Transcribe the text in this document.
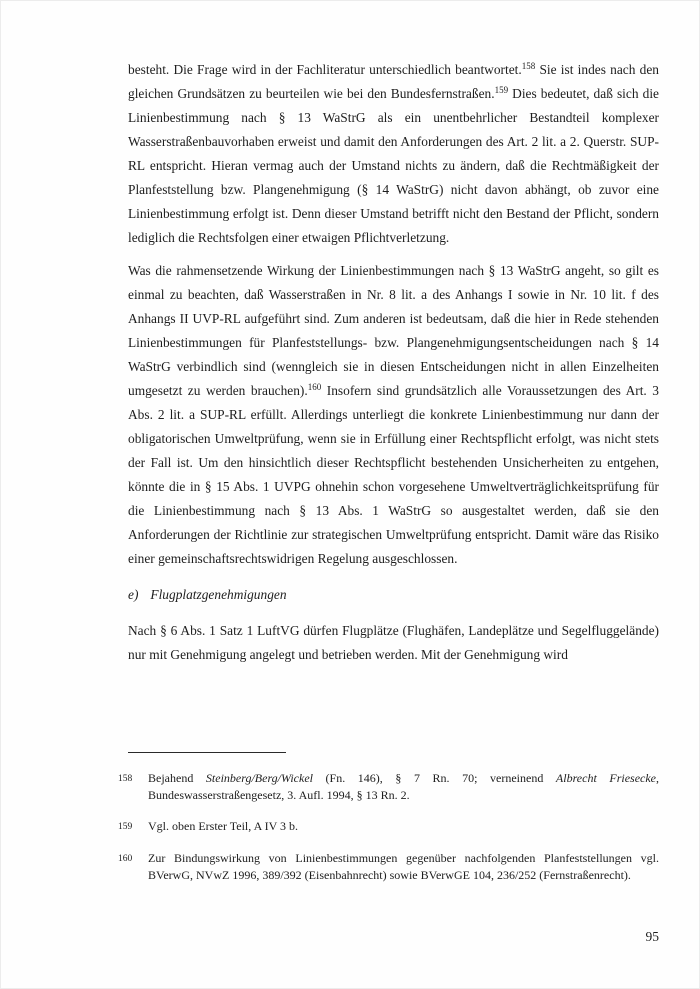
besteht. Die Frage wird in der Fachliteratur unterschiedlich beantwortet.$^{158}$ Sie ist indes nach den gleichen Grundsätzen zu beurteilen wie bei den Bundesfernstraßen.$^{159}$ Dies bedeutet, daß sich die Linienbestimmung nach § 13 WaStrG als ein unentbehrlicher Bestandteil komplexer Wasserstraßenbauvorhaben erweist und damit den Anforderungen des Art. 2 lit. a 2. Querstr. SUP-RL entspricht. Hieran vermag auch der Umstand nichts zu ändern, daß die Rechtmäßigkeit der Planfeststellung bzw. Plangenehmigung (§ 14 WaStrG) nicht davon abhängt, ob zuvor eine Linienbestimmung erfolgt ist. Denn dieser Umstand betrifft nicht den Bestand der Pflicht, sondern lediglich die Rechtsfolgen einer etwaigen Pflichtverletzung.

Was die rahmensetzende Wirkung der Linienbestimmungen nach § 13 WaStrG angeht, so gilt es einmal zu beachten, daß Wasserstraßen in Nr. 8 lit. a des Anhangs I sowie in Nr. 10 lit. f des Anhangs II UVP-RL aufgeführt sind. Zum anderen ist bedeutsam, daß die hier in Rede stehenden Linienbestimmungen für Planfeststellungs- bzw. Plangenehmigungsentscheidungen nach § 14 WaStrG verbindlich sind (wenngleich sie in diesen Entscheidungen nicht in allen Einzelheiten umgesetzt zu werden brauchen).$^{160}$ Insofern sind grundsätzlich alle Voraussetzungen des Art. 3 Abs. 2 lit. a SUP-RL erfüllt. Allerdings unterliegt die konkrete Linienbestimmung nur dann der obligatorischen Umweltprüfung, wenn sie in Erfüllung einer Rechtspflicht erfolgt, was nicht stets der Fall ist. Um den hinsichtlich dieser Rechtspflicht bestehenden Unsicherheiten zu entgehen, könnte die in § 15 Abs. 1 UVPG ohnehin schon vorgesehene Umweltverträglichkeitsprüfung für die Linienbestimmung nach § 13 Abs. 1 WaStrG so ausgestaltet werden, daß sie den Anforderungen der Richtlinie zur strategischen Umweltprüfung entspricht. Damit wäre das Risiko einer gemeinschaftsrechtswidrigen Regelung ausgeschlossen.

e) Flugplatzgenehmigungen

Nach § 6 Abs. 1 Satz 1 LuftVG dürfen Flugplätze (Flughäfen, Landeplätze und Segelfluggelände) nur mit Genehmigung angelegt und betrieben werden. Mit der Genehmigung wird

158	Bejahend Steinberg/Berg/Wickel (Fn. 146), § 7 Rn. 70; verneinend Albrecht Friesecke, Bundeswasserstraßengesetz, 3. Aufl. 1994, § 13 Rn. 2.
159	Vgl. oben Erster Teil, A IV 3 b.
160	Zur Bindungswirkung von Linienbestimmungen gegenüber nachfolgenden Planfeststellungen vgl. BVerwG, NVwZ 1996, 389/392 (Eisenbahnrecht) sowie BVerwGE 104, 236/252 (Fernstraßenrecht).
95
